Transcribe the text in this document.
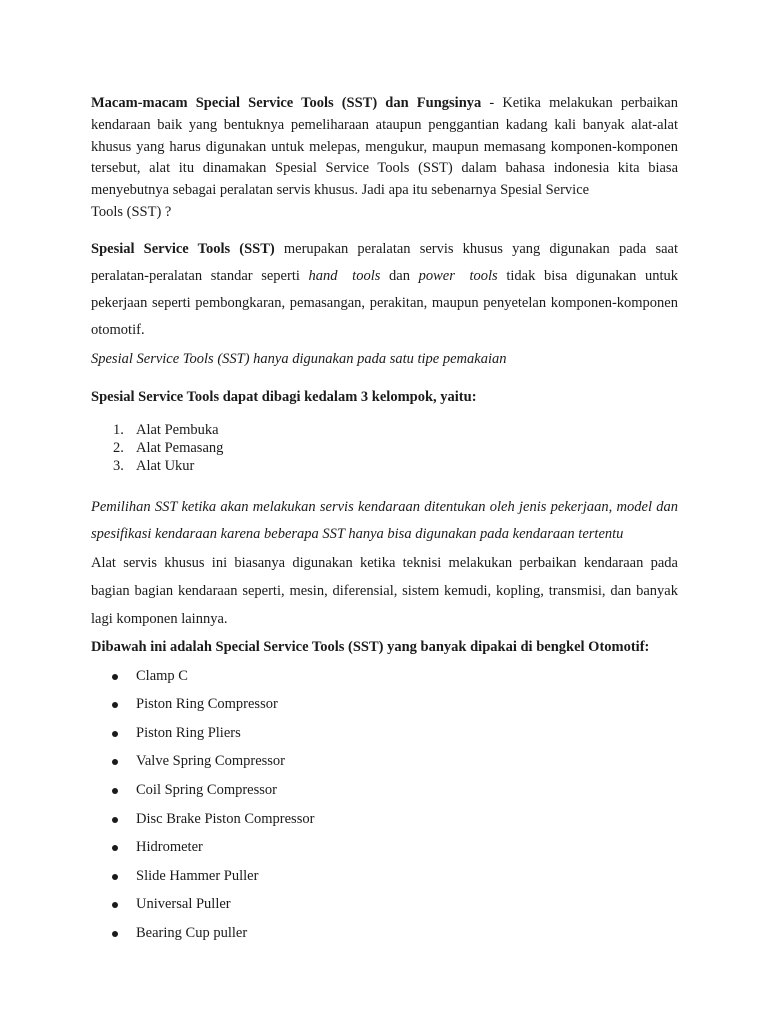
Macam-macam Special Service Tools (SST) dan Fungsinya - Ketika melakukan perbaikan kendaraan baik yang bentuknya pemeliharaan ataupun penggantian kadang kali banyak alat-alat khusus yang harus digunakan untuk melepas, mengukur, maupun memasang komponen-komponen tersebut, alat itu dinamakan Spesial Service Tools (SST) dalam bahasa indonesia kita biasa menyebutnya sebagai peralatan servis khusus. Jadi apa itu sebenarnya Spesial Service
Tools (SST) ?

Spesial Service Tools (SST) merupakan peralatan servis khusus yang digunakan pada saat peralatan-peralatan standar seperti hand tools dan power tools tidak bisa digunakan untuk pekerjaan seperti pembongkaran, pemasangan, perakitan, maupun penyetelan komponen-komponen otomotif.

Spesial Service Tools (SST) hanya digunakan pada satu tipe pemakaian

Spesial Service Tools dapat dibagi kedalam 3 kelompok, yaitu:

1. Alat Pembuka
2. Alat Pemasang
3. Alat Ukur

Pemilihan SST ketika akan melakukan servis kendaraan ditentukan oleh jenis pekerjaan, model dan spesifikasi kendaraan karena beberapa SST hanya bisa digunakan pada kendaraan tertentu

Alat servis khusus ini biasanya digunakan ketika teknisi melakukan perbaikan kendaraan pada bagian bagian kendaraan seperti, mesin, diferensial, sistem kemudi, kopling, transmisi, dan banyak lagi komponen lainnya.

Dibawah ini adalah Special Service Tools (SST) yang banyak dipakai di bengkel Otomotif:

Clamp C
Piston Ring Compressor
Piston Ring Pliers
Valve Spring Compressor
Coil Spring Compressor
Disc Brake Piston Compressor
Hidrometer
Slide Hammer Puller
Universal Puller
Bearing Cup puller
